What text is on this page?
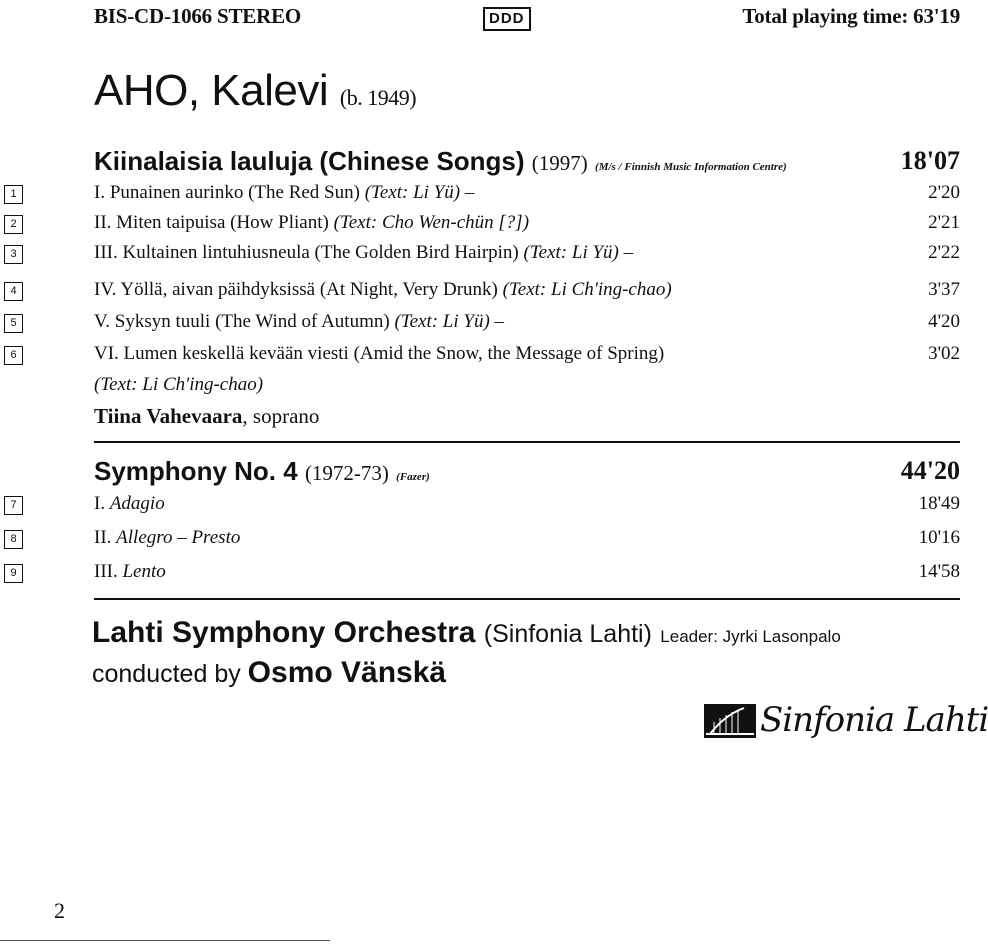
BIS-CD-1066 STEREO	DDD	Total playing time: 63'19
AHO, Kalevi (b. 1949)
Kiinalaisia lauluja (Chinese Songs) (1997) (M/s / Finnish Music Information Centre)	18'07
1	I. Punainen aurinko (The Red Sun) (Text: Li Yü) –	2'20
2	II. Miten taipuisa (How Pliant) (Text: Cho Wen-chün [?])	2'21
3	III. Kultainen lintuhiusneula (The Golden Bird Hairpin) (Text: Li Yü) –	2'22
4	IV. Yöllä, aivan päihdyksissä (At Night, Very Drunk) (Text: Li Ch'ing-chao)	3'37
5	V. Syksyn tuuli (The Wind of Autumn) (Text: Li Yü) –	4'20
6	VI. Lumen keskellä kevään viesti (Amid the Snow, the Message of Spring)	3'02
(Text: Li Ch'ing-chao)
Tiina Vahevaara, soprano
Symphony No. 4 (1972-73) (Fazer)	44'20
7	I. Adagio	18'49
8	II. Allegro – Presto	10'16
9	III. Lento	14'58
Lahti Symphony Orchestra (Sinfonia Lahti) Leader: Jyrki Lasonpalo
conducted by Osmo Vänskä
Sinfonia Lahti
2
